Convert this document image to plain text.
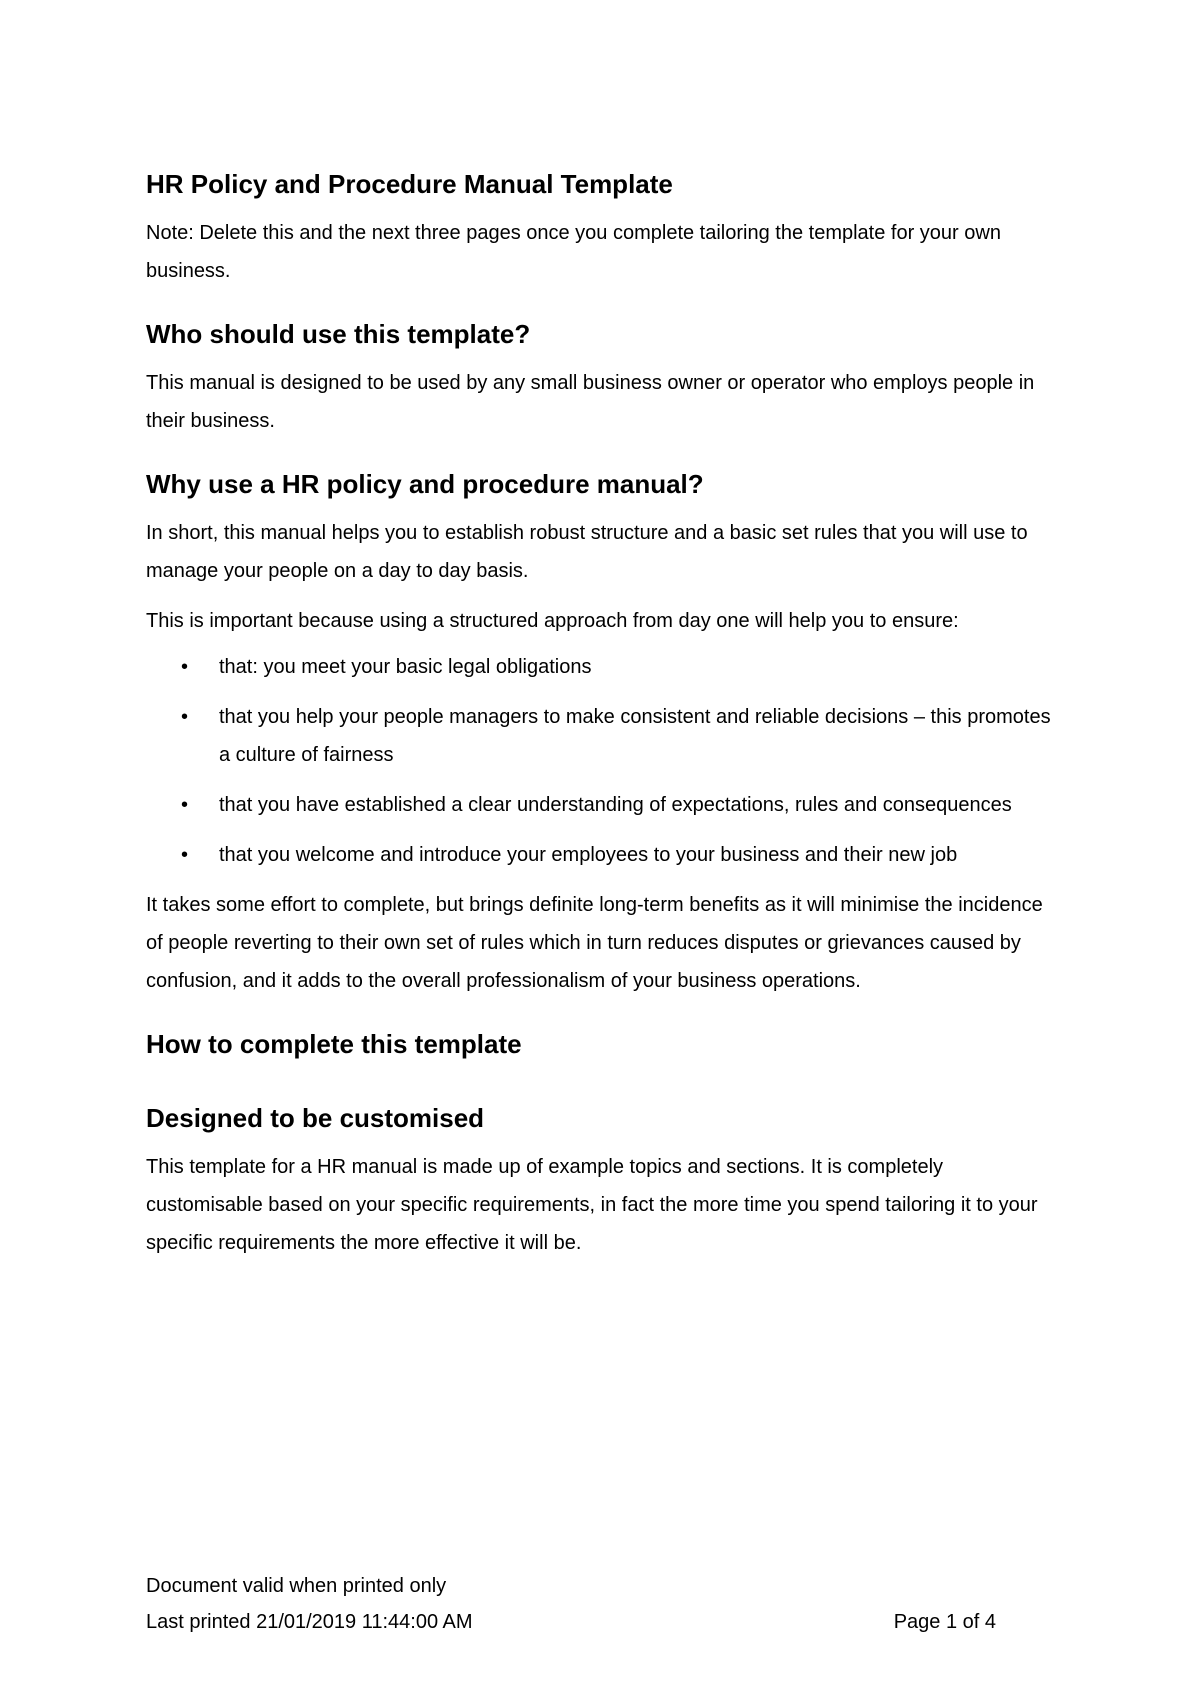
HR Policy and Procedure Manual Template

Note: Delete this and the next three pages once you complete tailoring the template for your own business.

Who should use this template?

This manual is designed to be used by any small business owner or operator who employs people in their business.

Why use a HR policy and procedure manual?

In short, this manual helps you to establish robust structure and a basic set rules that you will use to manage your people on a day to day basis.

This is important because using a structured approach from day one will help you to ensure:

• that: you meet your basic legal obligations
• that you help your people managers to make consistent and reliable decisions – this promotes a culture of fairness
• that you have established a clear understanding of expectations, rules and consequences
• that you welcome and introduce your employees to your business and their new job

It takes some effort to complete, but brings definite long-term benefits as it will minimise the incidence of people reverting to their own set of rules which in turn reduces disputes or grievances caused by confusion, and it adds to the overall professionalism of your business operations.

How to complete this template
Designed to be customised

This template for a HR manual is made up of example topics and sections. It is completely customisable based on your specific requirements, in fact the more time you spend tailoring it to your specific requirements the more effective it will be.

Document valid when printed only
Last printed 21/01/2019 11:44:00 AM	Page 1 of 4
